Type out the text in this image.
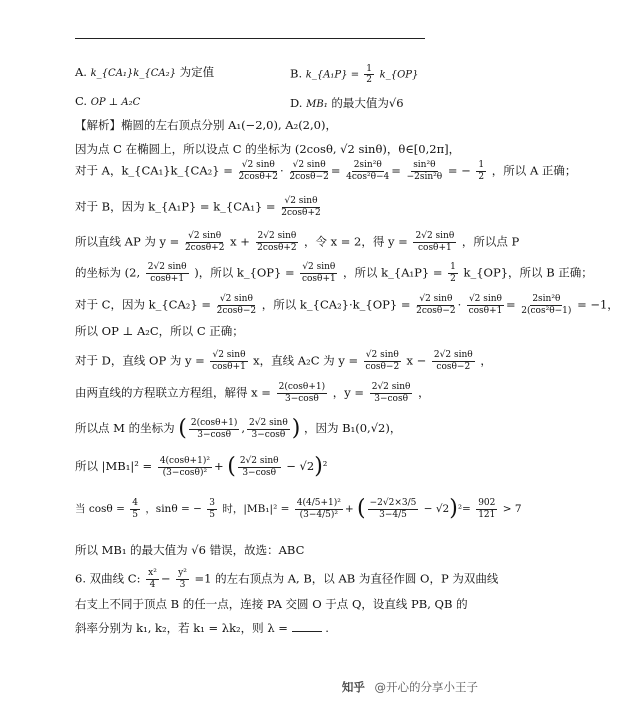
A. k_{CA₁}k_{CA₂} 为定值	B. k_{A₁P} = $\frac{1}{2}$ k_{OP}
C. OP ⊥ A₂C	D. MB₁ 的最大值为√6
【解析】椭圆的左右顶点分别 A₁(−2,0), A₂(2,0)，
因为点 C 在椭圆上，所以设点 C 的坐标为 (2cosθ, √2 sinθ)，θ∈[0,2π]，
对于 A，k_{CA₁}k_{CA₂} = $\frac{√2 \sin\theta}{2\cos\theta+2} \cdot \frac{√2 \sin\theta}{2\cos\theta-2} = \frac{\text{2sin²θ}}{\text{4cos²θ−4}} = \frac{\text{sin²θ}}{\text{−2sin²θ}}$ = − $\frac{1}{2}$ ，所以 A 正确；
对于 B，因为 k_{A₁P} = k_{CA₁} = $\frac{√2 \sin\theta}{2\cos\theta+2}$
所以直线 AP 为 $y = \frac{√2 \sin\theta}{2\cos\theta+2}$ $x + \frac{2√2 \sin\theta}{2\cos\theta+2}$ ，令 x = 2，得 $y = \frac{2√2 \sin\theta}{\cos\theta+1}$ ，所以点 P
的坐标为 (2, $\frac{2√2 \sin\theta}{\cos\theta+1}$ )，所以 k_{OP} = $\frac{√2 \sin\theta}{\cos\theta+1}$ ，所以 k_{A₁P} = $\frac{1}{2}$ k_{OP}，所以 B 正确；
对于 C，因为 k_{CA₂} = $\frac{√2 \sin\theta}{2\cos\theta-2}$ ，所以 k_{CA₂}·k_{OP} = $\frac{√2 \sin\theta}{2\cos\theta-2} \cdot \frac{√2 \sin\theta}{\cos\theta+1} = \frac{\text{2sin²θ}}{\text{2(cos²θ−1)}} = -1$，
所以 OP ⊥ A₂C，所以 C 正确；
对于 D，直线 OP 为 $y = \frac{√2 \sin\theta}{\cos\theta+1}$ x，直线 A₂C 为 $y = \frac{√2 \sin\theta}{\cos\theta-2}$ $x - \frac{2√2 \sin\theta}{\cos\theta-2}$ ，
由两直线的方程联立方程组，解得 $x = \frac{2(\cos\theta+1)}{3-\cos\theta}$ ，$y = \frac{2√2 \sin\theta}{3-\cos\theta}$ ，
所以点 M 的坐标为 ( $\frac{2(\cos\theta+1)}{3-\cos\theta}$ , $\frac{2√2 \sin\theta}{3-\cos\theta}$ ) ，因为 B₁(0,√2)，
所以 $|MB_1|^2 = \frac{\text{4(cosθ+1)²}}{\text{(3−cosθ)²}}$ + ( $\frac{2√2 \sin\theta}{3-\cos\theta} - √2)^2$
当 $\cos\theta = \frac{4}{5}$ ，sinθ = − $\frac{3}{5}$ 时，$|MB_1|^2 = \frac{\text{4(4/5+1)²}}{\text{(3−4/5)²}}$ + ( $\frac{-2√2\times 3/5}{3-4/5} - √2)^2= \frac{902}{121} > 7$
所以 MB₁ 的最大值为 √6 错误，故选：ABC
6. 双曲线 C: $\frac{\text{x²}}{4} - \frac{\text{y²}}{3} =1$ 的左右顶点为 A, B，以 AB 为直径作圆 O，P 为双曲线
右支上不同于顶点 B 的任一点，连接 PA 交圆 O 于点 Q，设直线 PB, QB 的
斜率分别为 k₁, k₂，若 k₁ = λk₂，则 λ =	.
知乎 @开心的分享小王子
